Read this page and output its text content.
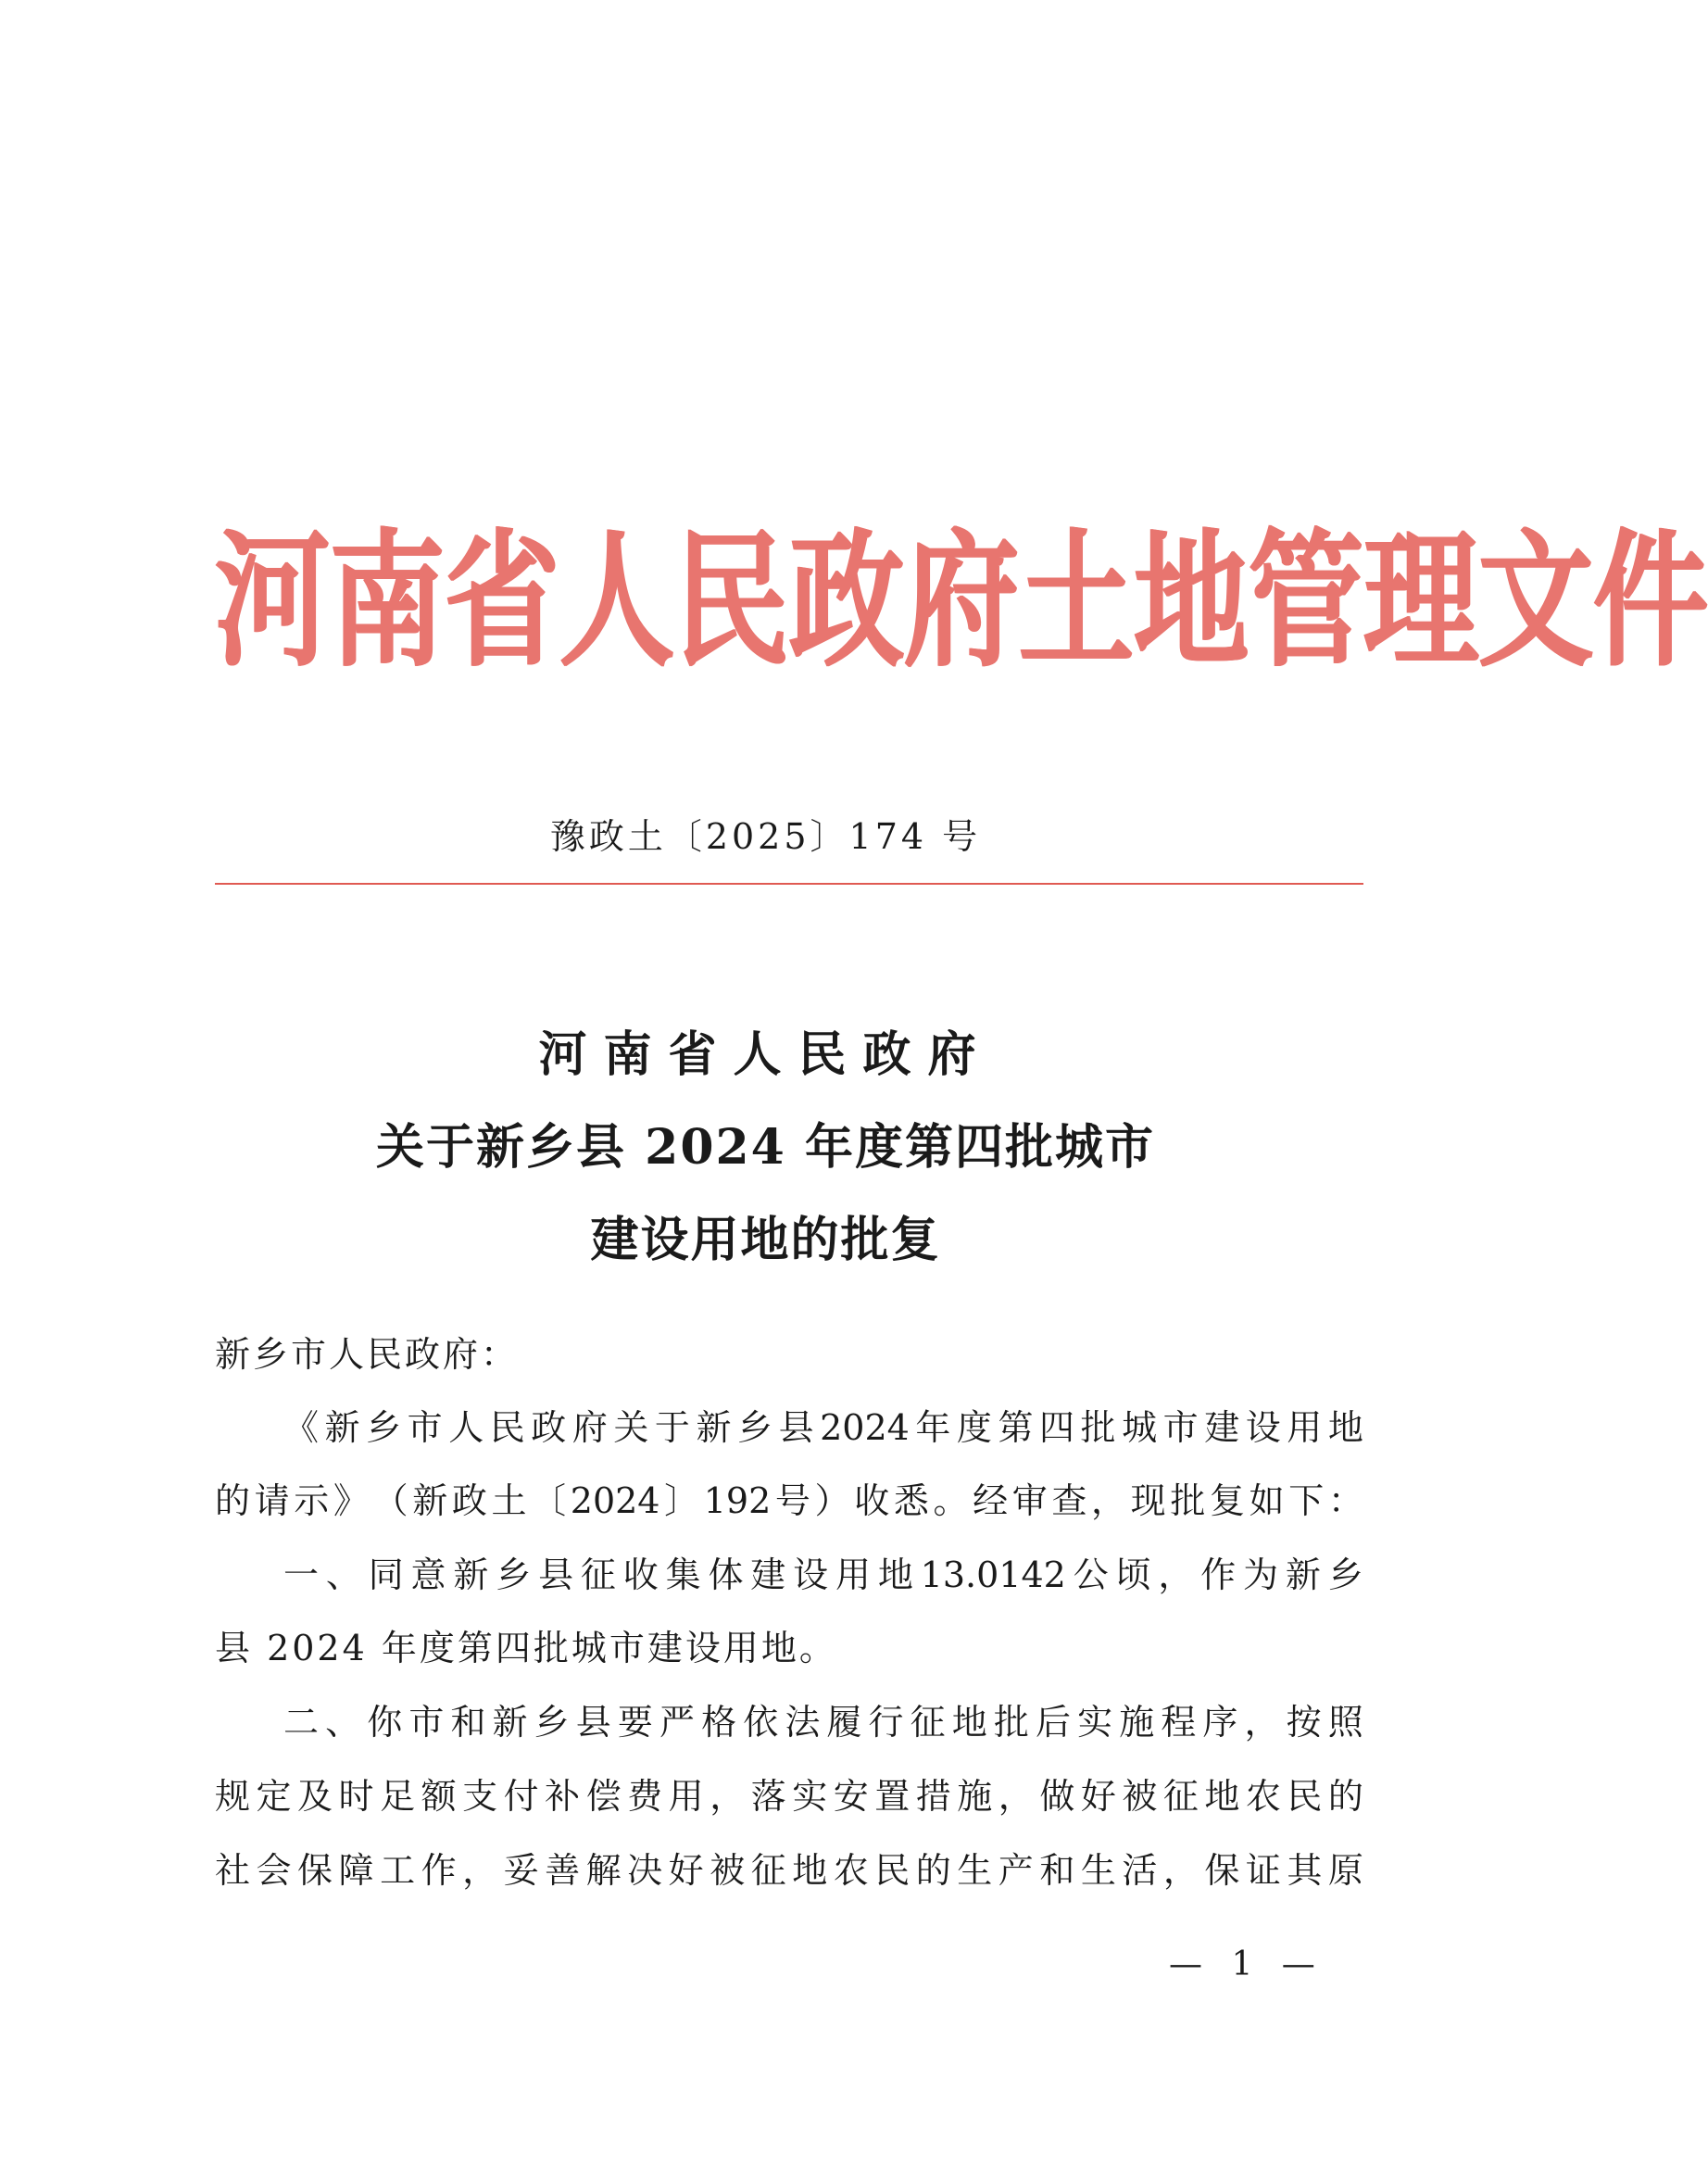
河 南 省 人 民 政 府 土 地 管 理 文 件
豫政土〔2025〕174 号
河南省人民政府
关于新乡县 2024 年度第四批城市
建设用地的批复
新乡市人民政府：
《 新 乡 市 人 民 政 府 关 于 新 乡 县 2024 年 度 第 四 批 城 市 建 设 用 地
的 请 示 》 （ 新 政 土 〔 2024 〕 192 号 ） 收 悉 。 经 审 查 ， 现 批 复 如 下 ：
一 、 同 意 新 乡 县 征 收 集 体 建 设 用 地 13.0142 公 顷 ， 作 为 新 乡
县 2024 年度第四批城市建设用地。
二 、 你 市 和 新 乡 县 要 严 格 依 法 履 行 征 地 批 后 实 施 程 序 ， 按 照
规 定 及 时 足 额 支 付 补 偿 费 用 ， 落 实 安 置 措 施 ， 做 好 被 征 地 农 民 的
社 会 保 障 工 作 ， 妥 善 解 决 好 被 征 地 农 民 的 生 产 和 生 活 ， 保 证 其 原
— 1 —
